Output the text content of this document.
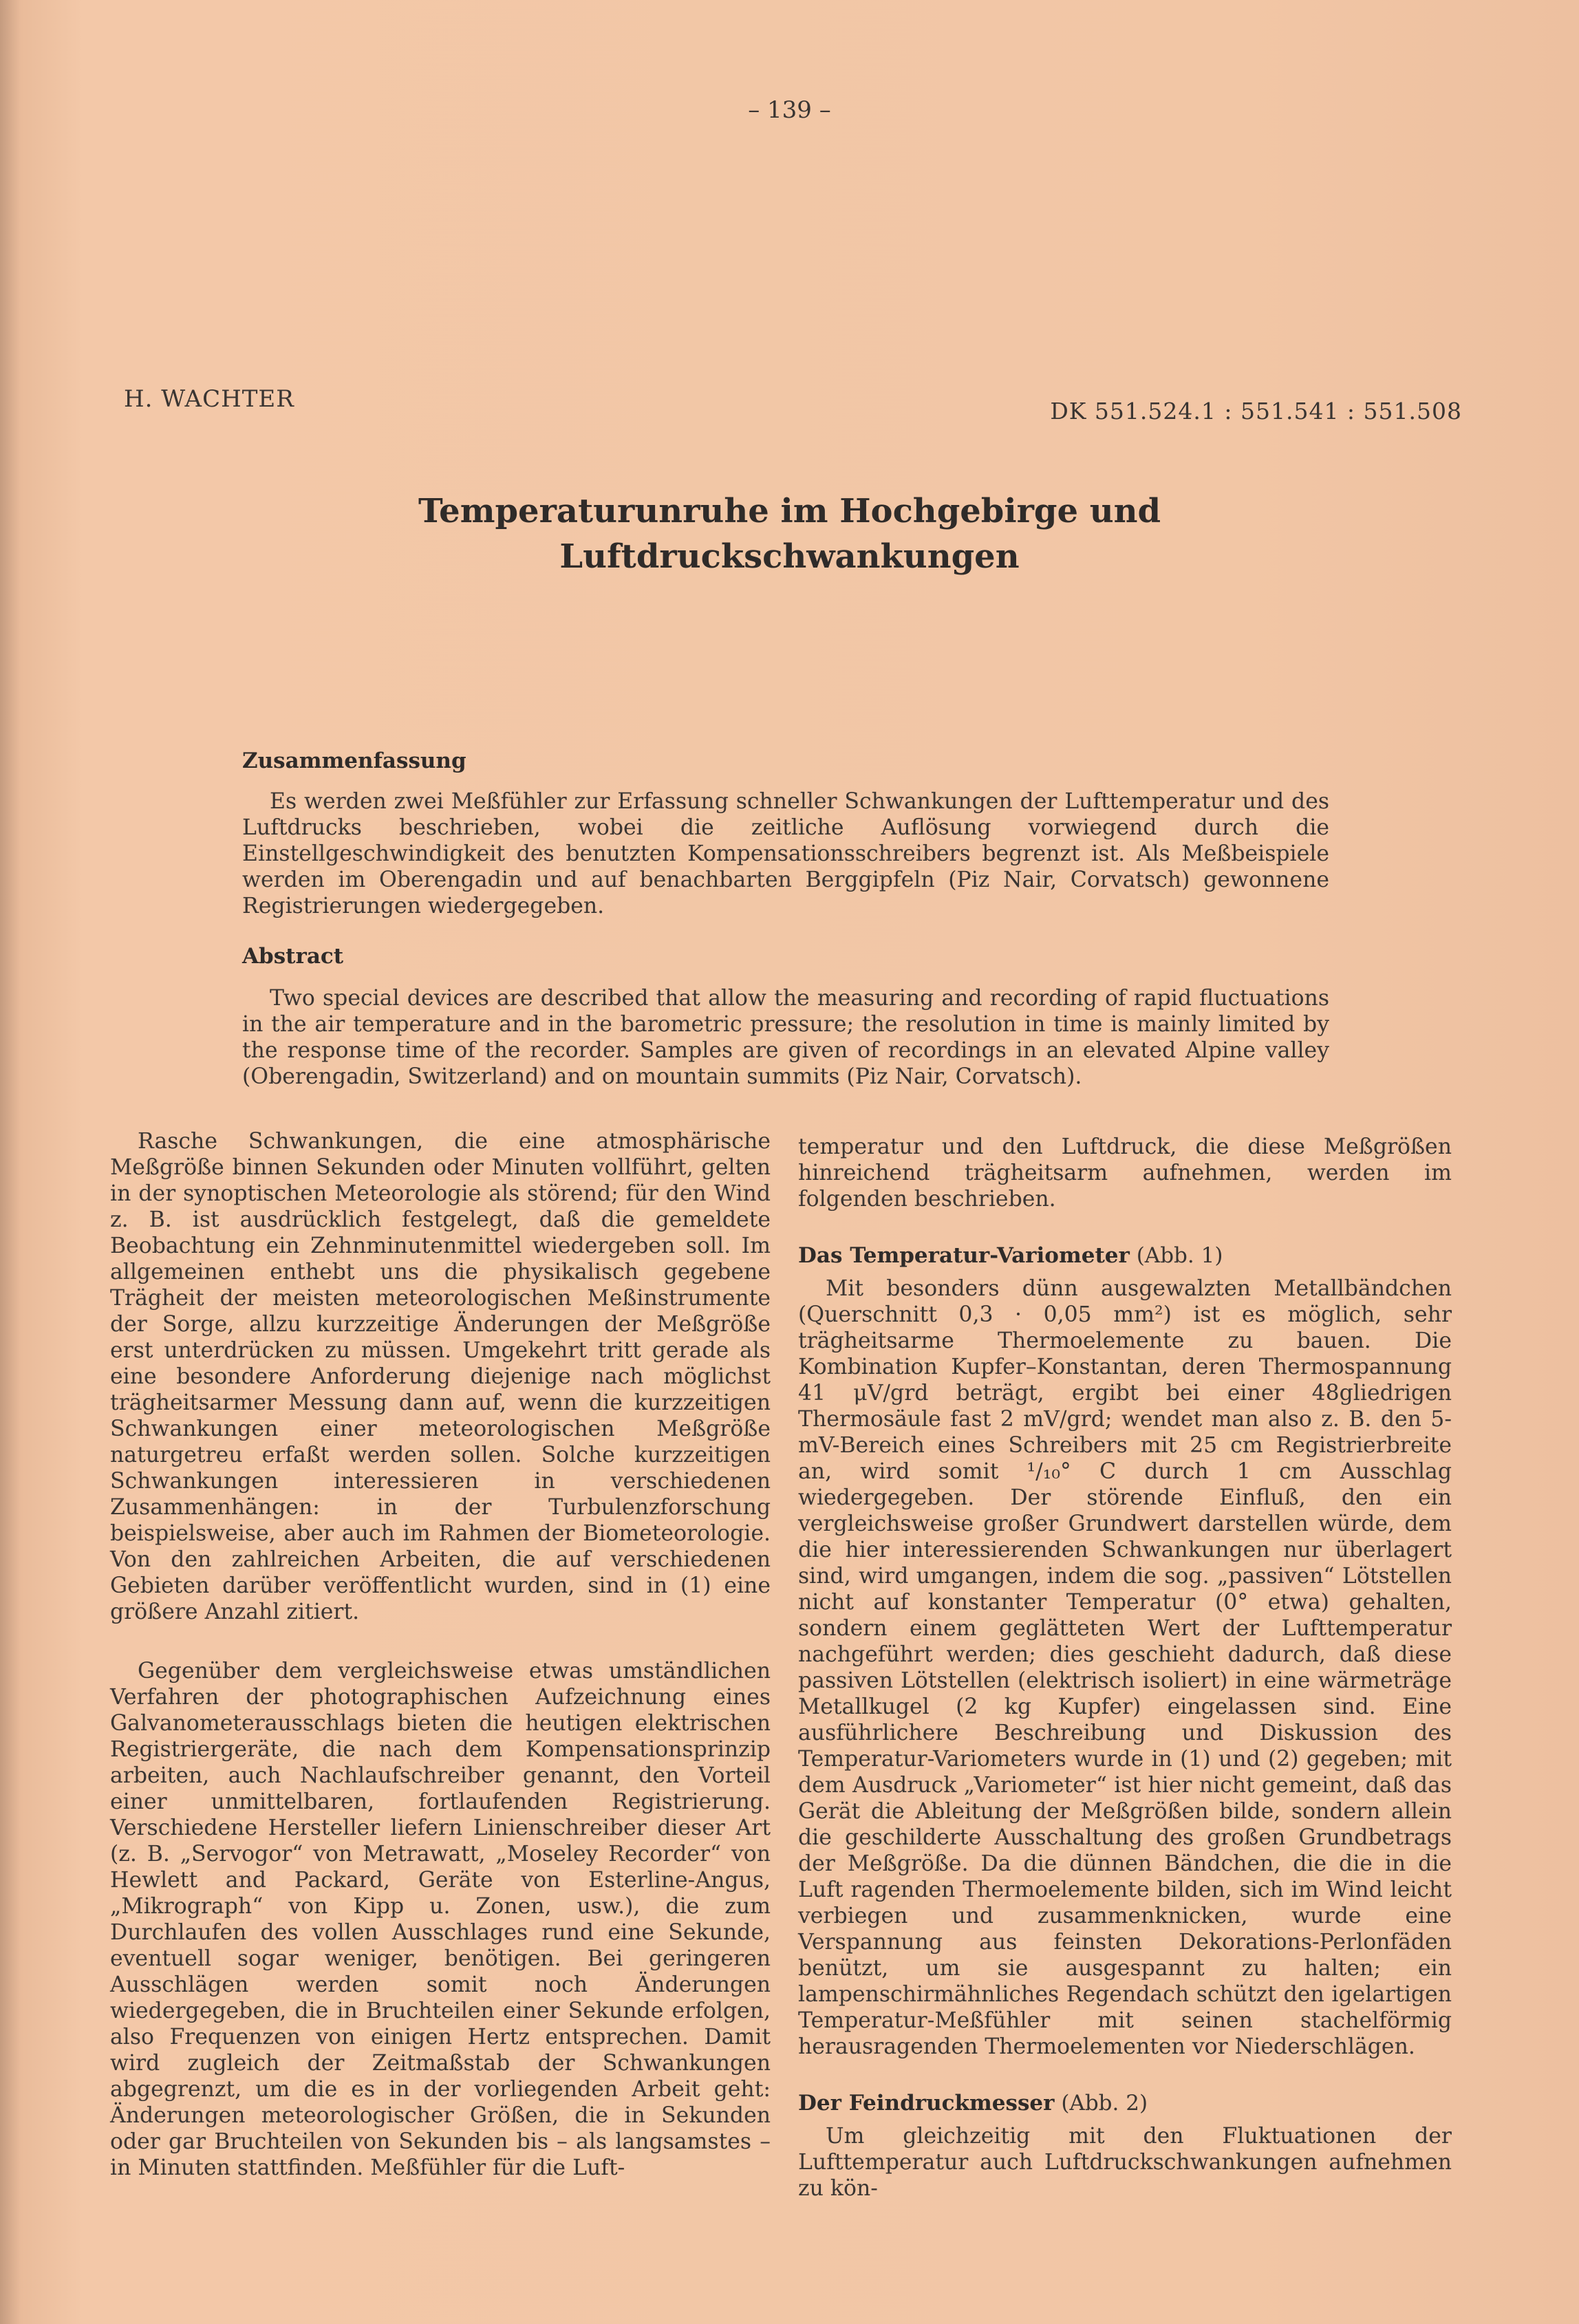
– 139 –
H. WACHTER	DK 551.524.1 : 551.541 : 551.508
Temperaturunruhe im Hochgebirge und
Luftdruckschwankungen
Zusammenfassung

Es werden zwei Meßfühler zur Erfassung schneller Schwankungen der Lufttemperatur und des Luftdrucks beschrieben, wobei die zeitliche Auflösung vorwiegend durch die Einstellgeschwindigkeit des benutzten Kompensationsschreibers begrenzt ist. Als Meßbeispiele werden im Oberengadin und auf benachbarten Berggipfeln (Piz Nair, Corvatsch) gewonnene Registrierungen wiedergegeben.

Abstract

Two special devices are described that allow the measuring and recording of rapid fluctuations in the air temperature and in the barometric pressure; the resolution in time is mainly limited by the response time of the recorder. Samples are given of recordings in an elevated Alpine valley (Oberengadin, Switzerland) and on mountain summits (Piz Nair, Corvatsch).

Rasche Schwankungen, die eine atmosphärische Meßgröße binnen Sekunden oder Minuten vollführt, gelten in der synoptischen Meteorologie als störend; für den Wind z. B. ist ausdrücklich festgelegt, daß die gemeldete Beobachtung ein Zehnminutenmittel wiedergeben soll. Im allgemeinen enthebt uns die physikalisch gegebene Trägheit der meisten meteorologischen Meßinstrumente der Sorge, allzu kurzzeitige Änderungen der Meßgröße erst unterdrücken zu müssen. Umgekehrt tritt gerade als eine besondere Anforderung diejenige nach möglichst trägheitsarmer Messung dann auf, wenn die kurzzeitigen Schwankungen einer meteorologischen Meßgröße naturgetreu erfaßt werden sollen. Solche kurzzeitigen Schwankungen interessieren in verschiedenen Zusammenhängen: in der Turbulenzforschung beispielsweise, aber auch im Rahmen der Biometeorologie. Von den zahlreichen Arbeiten, die auf verschiedenen Gebieten darüber veröffentlicht wurden, sind in (1) eine größere Anzahl zitiert.

Gegenüber dem vergleichsweise etwas umständlichen Verfahren der photographischen Aufzeichnung eines Galvanometerausschlags bieten die heutigen elektrischen Registriergeräte, die nach dem Kompensationsprinzip arbeiten, auch Nachlaufschreiber genannt, den Vorteil einer unmittelbaren, fortlaufenden Registrierung. Verschiedene Hersteller liefern Linienschreiber dieser Art (z. B. „Servogor“ von Metrawatt, „Moseley Recorder“ von Hewlett and Packard, Geräte von Esterline-Angus, „Mikrograph“ von Kipp u. Zonen, usw.), die zum Durchlaufen des vollen Ausschlages rund eine Sekunde, eventuell sogar weniger, benötigen. Bei geringeren Ausschlägen werden somit noch Änderungen wiedergegeben, die in Bruchteilen einer Sekunde erfolgen, also Frequenzen von einigen Hertz entsprechen. Damit wird zugleich der Zeitmaßstab der Schwankungen abgegrenzt, um die es in der vorliegenden Arbeit geht: Änderungen meteorologischer Größen, die in Sekunden oder gar Bruchteilen von Sekunden bis – als langsamstes – in Minuten stattfinden. Meßfühler für die Luft-

temperatur und den Luftdruck, die diese Meßgrößen hinreichend trägheitsarm aufnehmen, werden im folgenden beschrieben.

Das Temperatur-Variometer (Abb. 1)

Mit besonders dünn ausgewalzten Metallbändchen (Querschnitt 0,3 · 0,05 mm²) ist es möglich, sehr trägheitsarme Thermoelemente zu bauen. Die Kombination Kupfer–Konstantan, deren Thermospannung 41 μV/grd beträgt, ergibt bei einer 48gliedrigen Thermosäule fast 2 mV/grd; wendet man also z. B. den 5-mV-Bereich eines Schreibers mit 25 cm Registrierbreite an, wird somit ¹/₁₀° C durch 1 cm Ausschlag wiedergegeben. Der störende Einfluß, den ein vergleichsweise großer Grundwert darstellen würde, dem die hier interessierenden Schwankungen nur überlagert sind, wird umgangen, indem die sog. „passiven“ Lötstellen nicht auf konstanter Temperatur (0° etwa) gehalten, sondern einem geglätteten Wert der Lufttemperatur nachgeführt werden; dies geschieht dadurch, daß diese passiven Lötstellen (elektrisch isoliert) in eine wärmeträge Metallkugel (2 kg Kupfer) eingelassen sind. Eine ausführlichere Beschreibung und Diskussion des Temperatur-Variometers wurde in (1) und (2) gegeben; mit dem Ausdruck „Variometer“ ist hier nicht gemeint, daß das Gerät die Ableitung der Meßgrößen bilde, sondern allein die geschilderte Ausschaltung des großen Grundbetrags der Meßgröße. Da die dünnen Bändchen, die die in die Luft ragenden Thermoelemente bilden, sich im Wind leicht verbiegen und zusammenknicken, wurde eine Verspannung aus feinsten Dekorations-Perlonfäden benützt, um sie ausgespannt zu halten; ein lampenschirmähnliches Regendach schützt den igelartigen Temperatur-Meßfühler mit seinen stachelförmig herausragenden Thermoelementen vor Niederschlägen.

Der Feindruckmesser (Abb. 2)

Um gleichzeitig mit den Fluktuationen der Lufttemperatur auch Luftdruckschwankungen aufnehmen zu kön-
